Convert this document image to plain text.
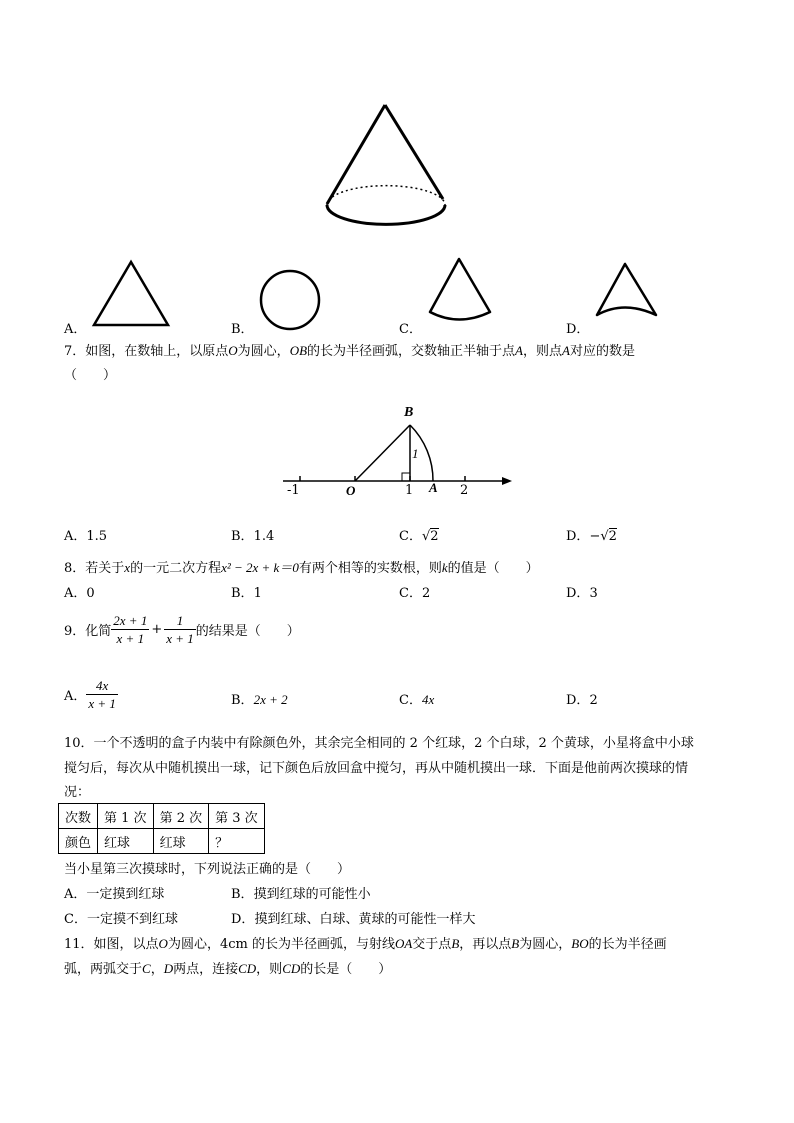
A．	B．	C．	D．
7．如图，在数轴上，以原点O为圆心，OB的长为半径画弧，交数轴正半轴于点A，则点A对应的数是
（　　）
B
1
O	A
-1	1	2
A．1.5	B．1.4	C．√2	D．−√2
8．若关于x的一元二次方程x² − 2x + k＝0有两个相等的实数根，则k的值是（　　）
A．0	B．1	C．2	D．3
9．化简 $\frac{2x + 1}{x + 1} + \frac{1}{x + 1}$ 的结果是（　　）
A． $\frac{4x}{x + 1}$	B．2x + 2	C．4x	D．2
10．一个不透明的盒子内装中有除颜色外，其余完全相同的 2 个红球，2 个白球，2 个黄球，小星将盒中小球
搅匀后，每次从中随机摸出一球，记下颜色后放回盒中搅匀，再从中随机摸出一球．下面是他前两次摸球的情
况：
次数	第 1 次	第 2 次	第 3 次
颜色	红球	红球	？
当小星第三次摸球时，下列说法正确的是（　　）
A．一定摸到红球	B．摸到红球的可能性小
C．一定摸不到红球	D．摸到红球、白球、黄球的可能性一样大
11．如图，以点O为圆心，4cm 的长为半径画弧，与射线OA交于点B，再以点B为圆心，BO的长为半径画
弧，两弧交于C，D两点，连接CD，则CD的长是（　　）
